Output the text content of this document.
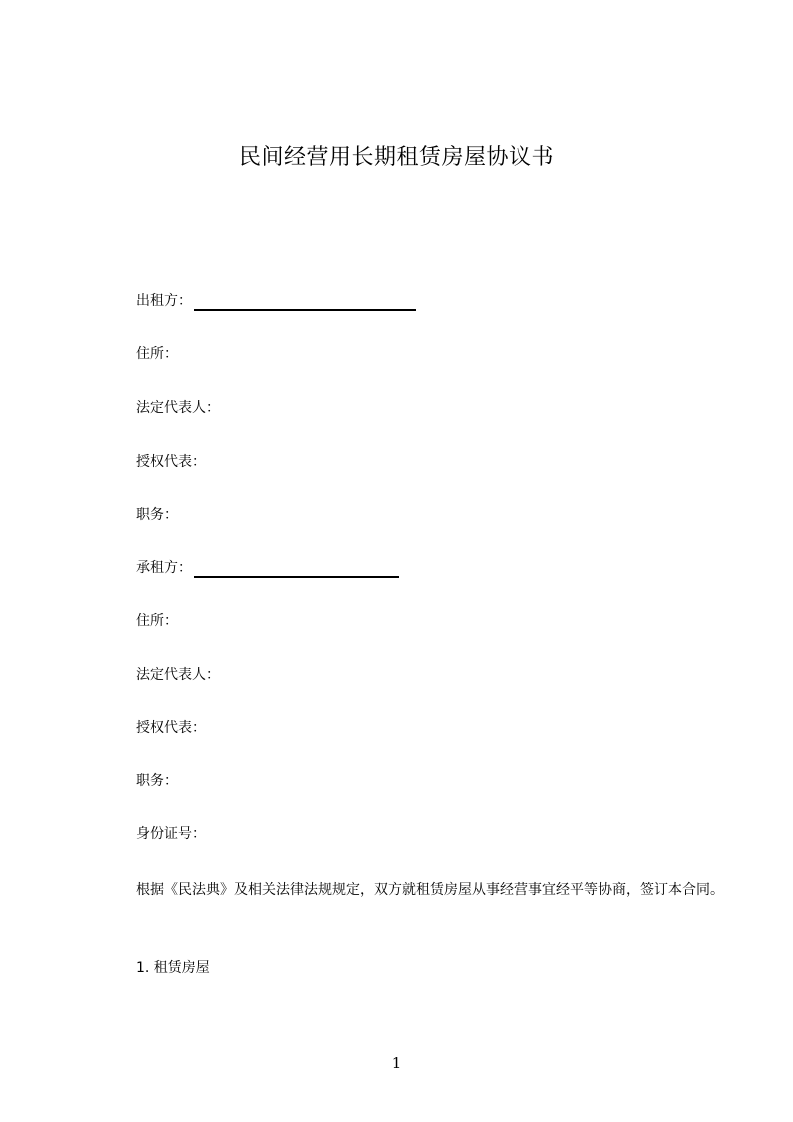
民间经营用长期租赁房屋协议书
出租方：
住所：
法定代表人：
授权代表：
职务：
承租方：
住所：
法定代表人：
授权代表：
职务：
身份证号：
根据《民法典》及相关法律法规规定，双方就租赁房屋从事经营事宜经平等协商，签订本合同。
1. 租赁房屋
1
